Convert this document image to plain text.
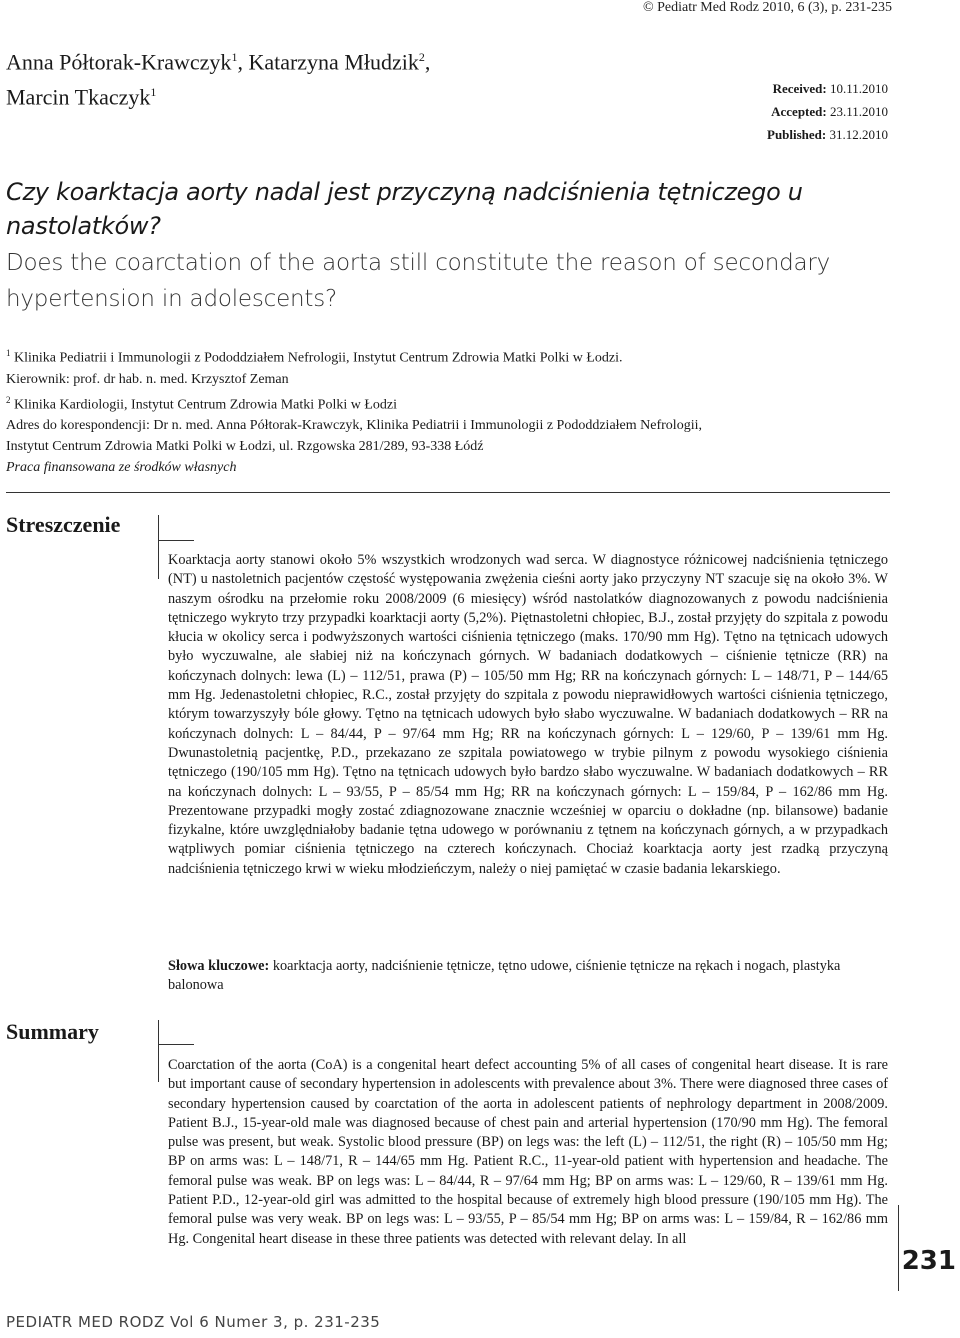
© Pediatr Med Rodz 2010, 6 (3), p. 231-235
Anna Półtorak-Krawczyk$^1$, Katarzyna Młudzik$^2$,
Marcin Tkaczyk$^1$	Received: 10.11.2010
Accepted: 23.11.2010
Published: 31.12.2010
Czy koarktacja aorty nadal jest przyczyną nadciśnienia tętniczego u nastolatków?
Does the coarctation of the aorta still constitute the reason of secondary hypertension in adolescents?
$^1$ Klinika Pediatrii i Immunologii z Pododdziałem Nefrologii, Instytut Centrum Zdrowia Matki Polki w Łodzi.
Kierownik: prof. dr hab. n. med. Krzysztof Zeman
$^2$ Klinika Kardiologii, Instytut Centrum Zdrowia Matki Polki w Łodzi
Adres do korespondencji: Dr n. med. Anna Półtorak-Krawczyk, Klinika Pediatrii i Immunologii z Pododdziałem Nefrologii,
Instytut Centrum Zdrowia Matki Polki w Łodzi, ul. Rzgowska 281/289, 93-338 Łódź
Praca finansowana ze środków własnych
Streszczenie
Koarktacja aorty stanowi około 5% wszystkich wrodzonych wad serca. W diagnostyce różnicowej nadciśnienia tętniczego (NT) u nastoletnich pacjentów częstość występowania zwężenia cieśni aorty jako przyczyny NT szacuje się na około 3%. W naszym ośrodku na przełomie roku 2008/2009 (6 miesięcy) wśród nastolatków diagnozowanych z powodu nadciśnienia tętniczego wykryto trzy przypadki koarktacji aorty (5,2%). Piętnastoletni chłopiec, B.J., został przyjęty do szpitala z powodu kłucia w okolicy serca i podwyższonych wartości ciśnienia tętniczego (maks. 170/90 mm Hg). Tętno na tętnicach udowych było wyczuwalne, ale słabiej niż na kończynach górnych. W badaniach dodatkowych – ciśnienie tętnicze (RR) na kończynach dolnych: lewa (L) – 112/51, prawa (P) – 105/50 mm Hg; RR na kończynach górnych: L – 148/71, P – 144/65 mm Hg. Jedenastoletni chłopiec, R.C., został przyjęty do szpitala z powodu nieprawidłowych wartości ciśnienia tętniczego, którym towarzyszyły bóle głowy. Tętno na tętnicach udowych było słabo wyczuwalne. W badaniach dodatkowych – RR na kończynach dolnych: L – 84/44, P – 97/64 mm Hg; RR na kończynach górnych: L – 129/60, P – 139/61 mm Hg. Dwunastoletnią pacjentkę, P.D., przekazano ze szpitala powiatowego w trybie pilnym z powodu wysokiego ciśnienia tętniczego (190/105 mm Hg). Tętno na tętnicach udowych było bardzo słabo wyczuwalne. W badaniach dodatkowych – RR na kończynach dolnych: L – 93/55, P – 85/54 mm Hg; RR na kończynach górnych: L – 159/84, P – 162/86 mm Hg. Prezentowane przypadki mogły zostać zdiagnozowane znacznie wcześniej w oparciu o dokładne (np. bilansowe) badanie fizykalne, które uwzględniałoby badanie tętna udowego w porównaniu z tętnem na kończynach górnych, a w przypadkach wątpliwych pomiar ciśnienia tętniczego na czterech kończynach. Chociaż koarktacja aorty jest rzadką przyczyną nadciśnienia tętniczego krwi w wieku młodzieńczym, należy o niej pamiętać w czasie badania lekarskiego.
Słowa kluczowe: koarktacja aorty, nadciśnienie tętnicze, tętno udowe, ciśnienie tętnicze na rękach i nogach, plastyka balonowa
Summary
Coarctation of the aorta (CoA) is a congenital heart defect accounting 5% of all cases of congenital heart disease. It is rare but important cause of secondary hypertension in adolescents with prevalence about 3%. There were diagnosed three cases of secondary hypertension caused by coarctation of the aorta in adolescent patients of nephrology department in 2008/2009. Patient B.J., 15-year-old male was diagnosed because of chest pain and arterial hypertension (170/90 mm Hg). The femoral pulse was present, but weak. Systolic blood pressure (BP) on legs was: the left (L) – 112/51, the right (R) – 105/50 mm Hg; BP on arms was: L – 148/71, R – 144/65 mm Hg. Patient R.C., 11-year-old patient with hypertension and headache. The femoral pulse was weak. BP on legs was: L – 84/44, R – 97/64 mm Hg; BP on arms was: L – 129/60, R – 139/61 mm Hg. Patient P.D., 12-year-old girl was admitted to the hospital because of extremely high blood pressure (190/105 mm Hg). The femoral pulse was very weak. BP on legs was: L – 93/55, P – 85/54 mm Hg; BP on arms was: L – 159/84, R – 162/86 mm Hg. Congenital heart disease in these three patients was detected with relevant delay. In all
231
PEDIATR MED RODZ Vol 6 Numer 3, p. 231-235
